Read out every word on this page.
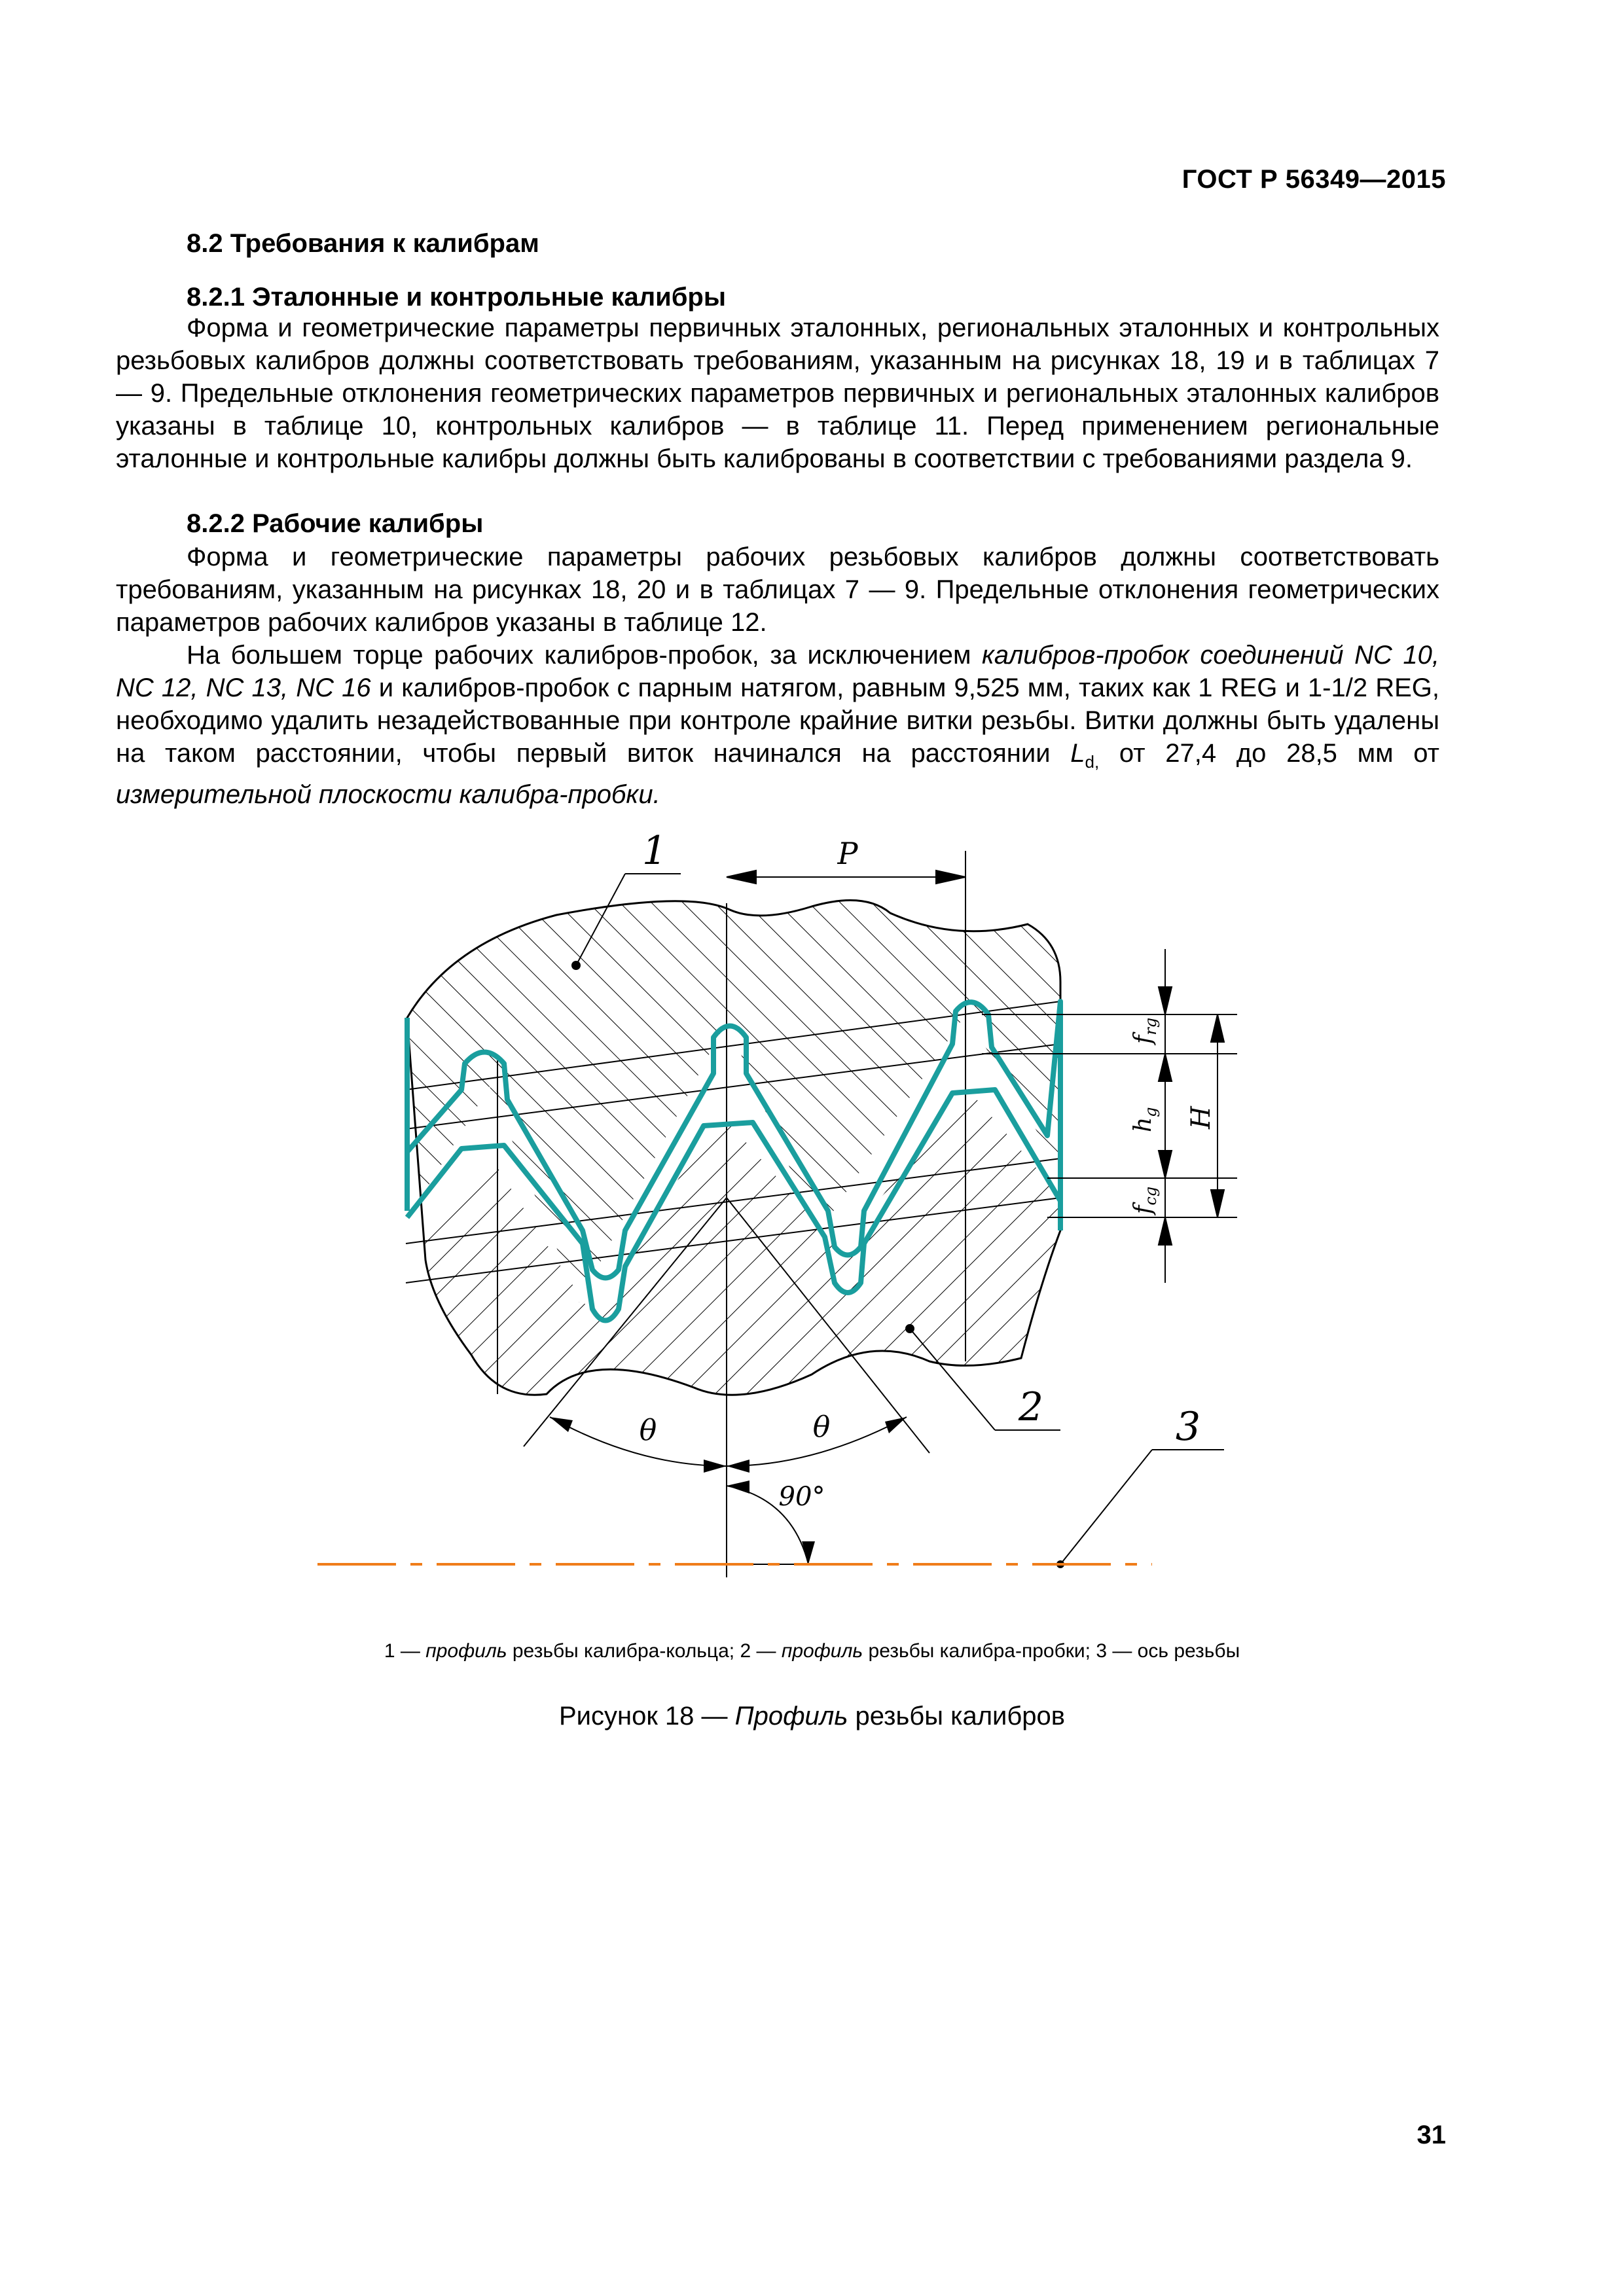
ГОСТ Р 56349—2015
8.2 Требования к калибрам
8.2.1 Эталонные и контрольные калибры

Форма и геометрические параметры первичных эталонных, региональных эталонных и контрольных резьбовых калибров должны соответствовать требованиям, указанным на рисунках 18, 19 и в таблицах 7 — 9. Предельные отклонения геометрических параметров первичных и региональных эталонных калибров указаны в таблице 10, контрольных калибров — в таблице 11. Перед применением региональные эталонные и контрольные калибры должны быть калиброваны в соответствии с требованиями раздела 9.

8.2.2 Рабочие калибры

Форма и геометрические параметры рабочих резьбовых калибров должны соответствовать требованиям, указанным на рисунках 18, 20 и в таблицах 7 — 9. Предельные отклонения геометрических параметров рабочих калибров указаны в таблице 12.

На большем торце рабочих калибров-пробок, за исключением калибров-пробок соединений NC 10, NC 12, NC 13, NC 16 и калибров-пробок с парным натягом, равным 9,525 мм, таких как 1 REG и 1-1/2 REG, необходимо удалить незадействованные при контроле крайние витки резьбы. Витки должны быть удалены на таком расстоянии, чтобы первый виток начинался на расстоянии $L_{d,}$ от 27,4 до 28,5 мм от измерительной плоскости калибра-пробки.

P
1
2	3
$f_{rg}$
$h_g$
$f_{cg}$
H
θ	θ
90°
1 — профиль резьбы калибра-кольца; 2 — профиль резьбы калибра-пробки; 3 — ось резьбы
Рисунок 18 — Профиль резьбы калибров
31
